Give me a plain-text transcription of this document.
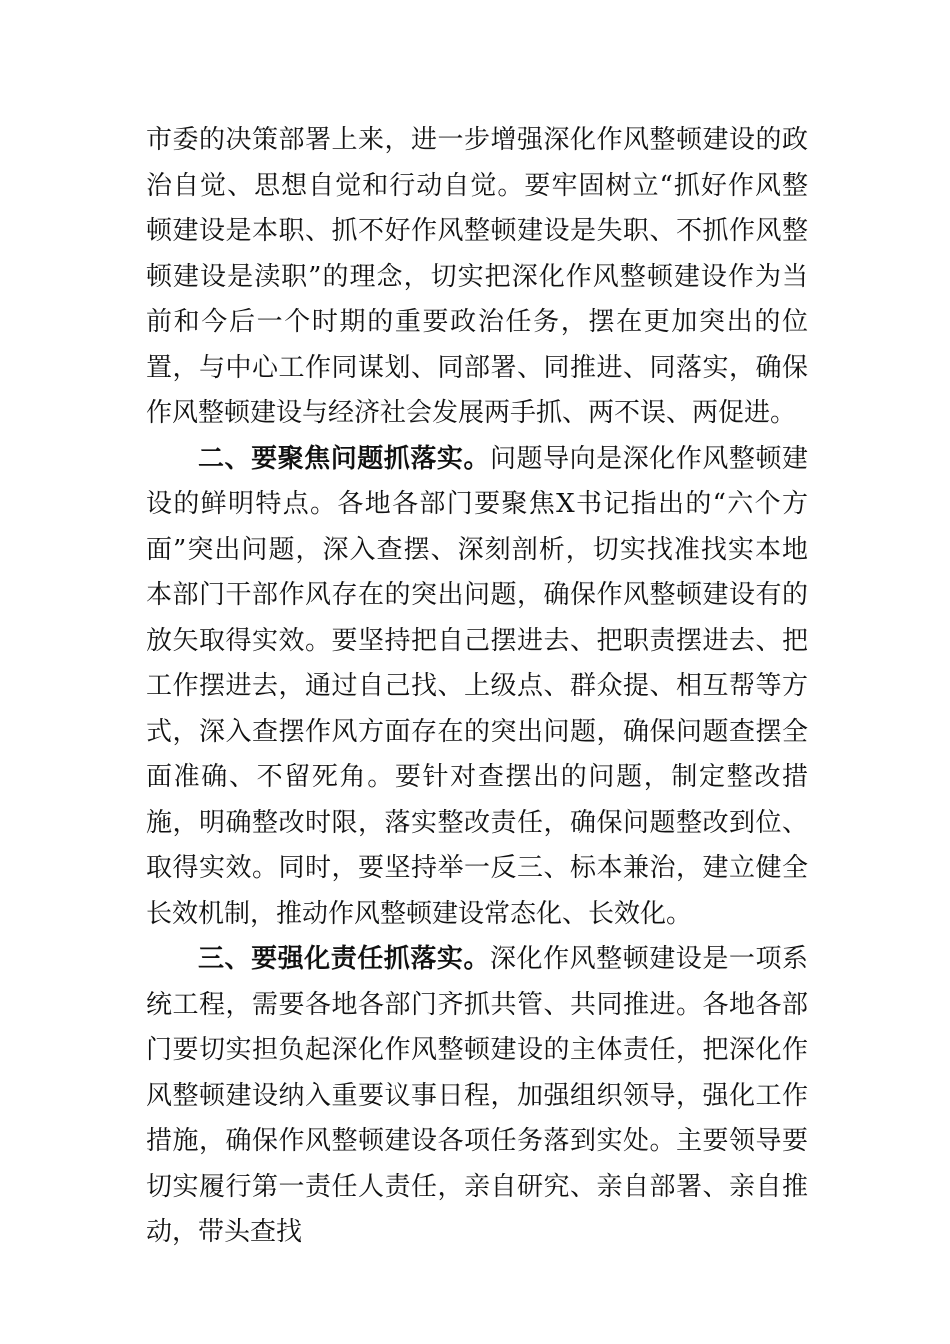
市委的决策部署上来，进一步增强深化作风整顿建设的政治自觉、思想自觉和行动自觉。要牢固树立“抓好作风整顿建设是本职、抓不好作风整顿建设是失职、不抓作风整顿建设是渎职”的理念，切实把深化作风整顿建设作为当前和今后一个时期的重要政治任务，摆在更加突出的位置，与中心工作同谋划、同部署、同推进、同落实，确保作风整顿建设与经济社会发展两手抓、两不误、两促进。

二、要聚焦问题抓落实。问题导向是深化作风整顿建设的鲜明特点。各地各部门要聚焦X书记指出的“六个方面”突出问题，深入查摆、深刻剖析，切实找准找实本地本部门干部作风存在的突出问题，确保作风整顿建设有的放矢取得实效。要坚持把自己摆进去、把职责摆进去、把工作摆进去，通过自己找、上级点、群众提、相互帮等方式，深入查摆作风方面存在的突出问题，确保问题查摆全面准确、不留死角。要针对查摆出的问题，制定整改措施，明确整改时限，落实整改责任，确保问题整改到位、取得实效。同时，要坚持举一反三、标本兼治，建立健全长效机制，推动作风整顿建设常态化、长效化。

三、要强化责任抓落实。深化作风整顿建设是一项系统工程，需要各地各部门齐抓共管、共同推进。各地各部门要切实担负起深化作风整顿建设的主体责任，把深化作风整顿建设纳入重要议事日程，加强组织领导，强化工作措施，确保作风整顿建设各项任务落到实处。主要领导要切实履行第一责任人责任，亲自研究、亲自部署、亲自推动，带头查找
